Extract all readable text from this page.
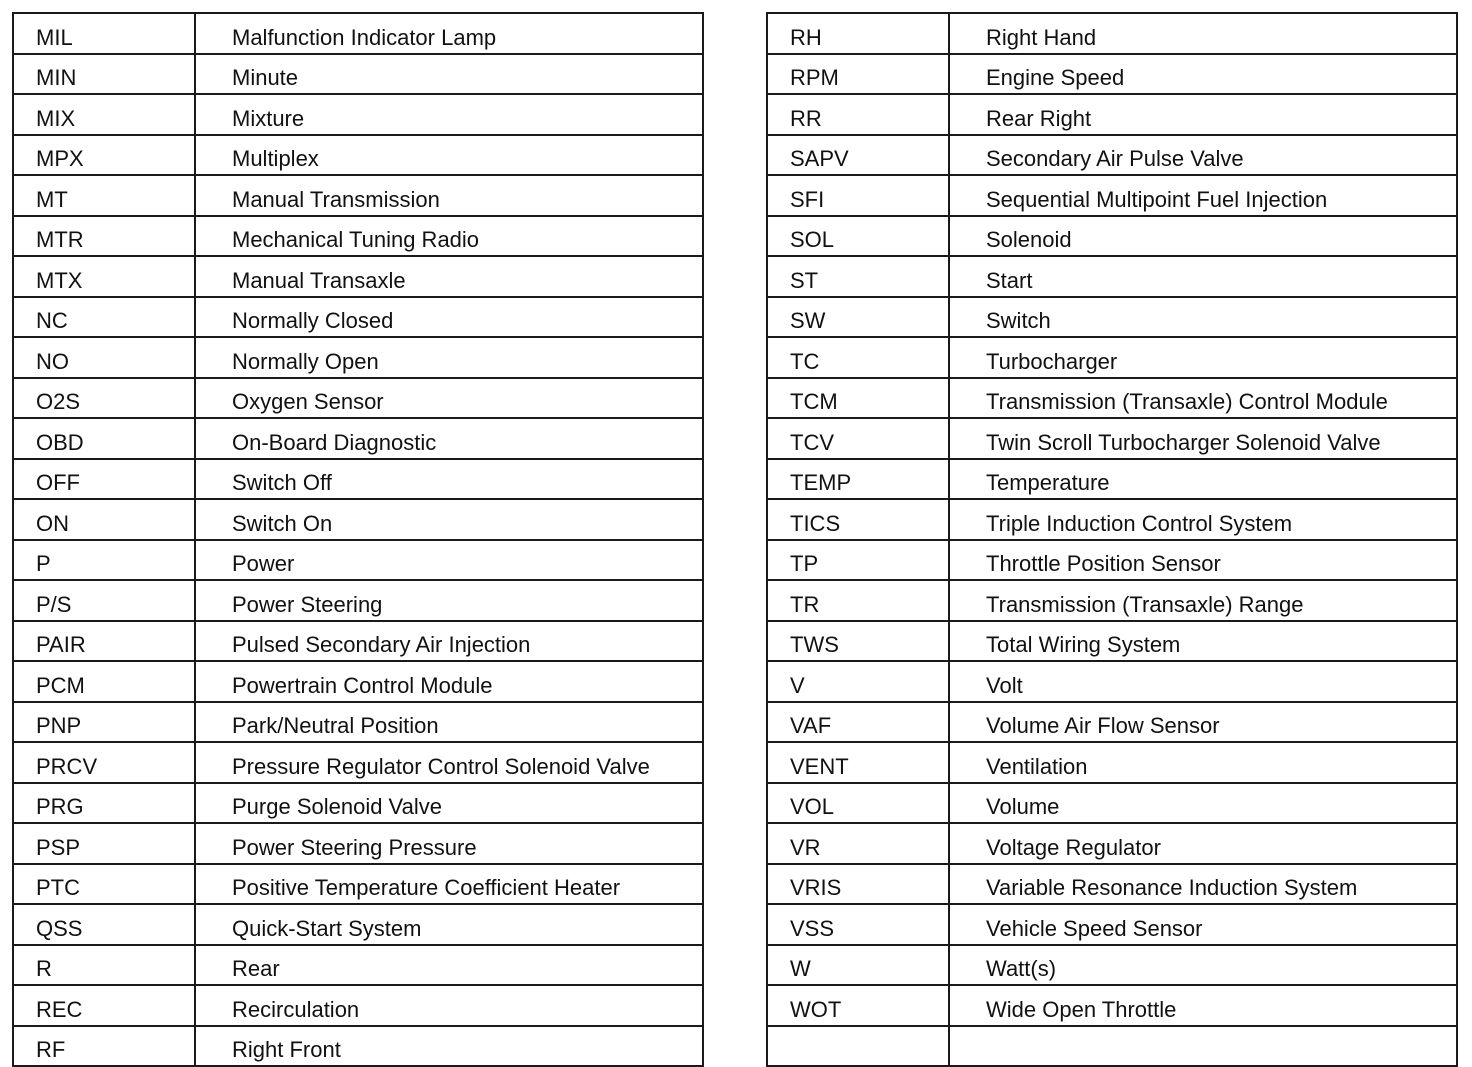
MIL	Malfunction Indicator Lamp
MIN	Minute
MIX	Mixture
MPX	Multiplex
MT	Manual Transmission
MTR	Mechanical Tuning Radio
MTX	Manual Transaxle
NC	Normally Closed
NO	Normally Open
O2S	Oxygen Sensor
OBD	On-Board Diagnostic
OFF	Switch Off
ON	Switch On
P	Power
P/S	Power Steering
PAIR	Pulsed Secondary Air Injection
PCM	Powertrain Control Module
PNP	Park/Neutral Position
PRCV	Pressure Regulator Control Solenoid Valve
PRG	Purge Solenoid Valve
PSP	Power Steering Pressure
PTC	Positive Temperature Coefficient Heater
QSS	Quick-Start System
R	Rear
REC	Recirculation
RF	Right Front
RH	Right Hand
RPM	Engine Speed
RR	Rear Right
SAPV	Secondary Air Pulse Valve
SFI	Sequential Multipoint Fuel Injection
SOL	Solenoid
ST	Start
SW	Switch
TC	Turbocharger
TCM	Transmission (Transaxle) Control Module
TCV	Twin Scroll Turbocharger Solenoid Valve
TEMP	Temperature
TICS	Triple Induction Control System
TP	Throttle Position Sensor
TR	Transmission (Transaxle) Range
TWS	Total Wiring System
V	Volt
VAF	Volume Air Flow Sensor
VENT	Ventilation
VOL	Volume
VR	Voltage Regulator
VRIS	Variable Resonance Induction System
VSS	Vehicle Speed Sensor
W	Watt(s)
WOT	Wide Open Throttle
